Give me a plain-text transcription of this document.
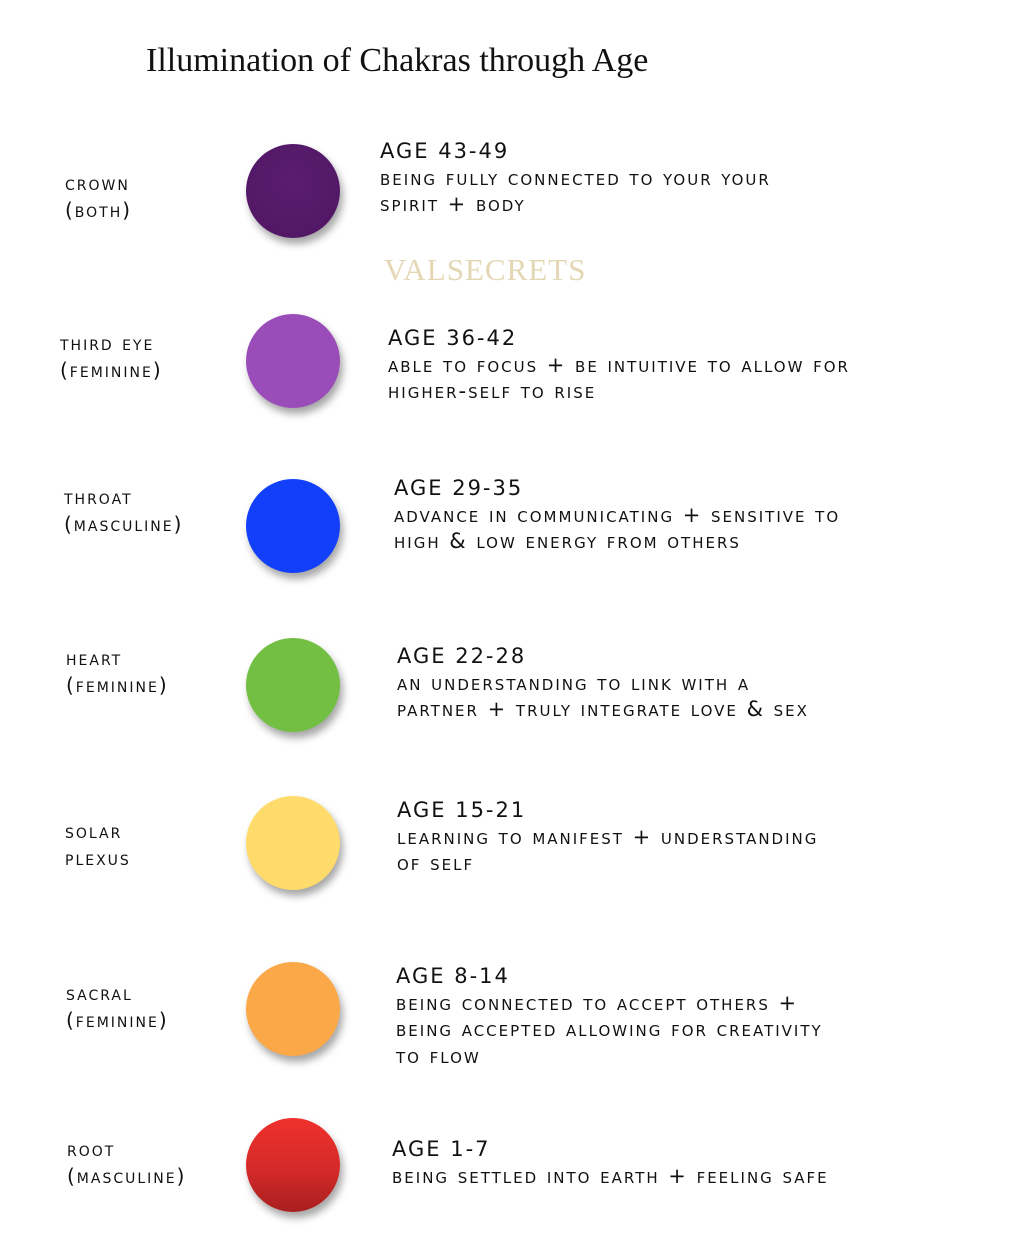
Illumination of Chakras through Age
VALSECRETS
crown
(both)
AGE 43-49
being fully connected to your your
spirit + body
third eye
(feminine)
AGE 36-42
able to focus + be intuitive to allow for
higher-self to rise
throat
(masculine)
AGE 29-35
advance in communicating + sensitive to
high & low energy from others
heart
(feminine)
AGE 22-28
an understanding to link with a
partner + truly integrate love & sex
solar
plexus
AGE 15-21
learning to manifest + understanding
of self
sacral
(feminine)
AGE 8-14
being connected to accept others +
being accepted allowing for creativity
to flow
root
(masculine)
AGE 1-7
being settled into earth + feeling safe
